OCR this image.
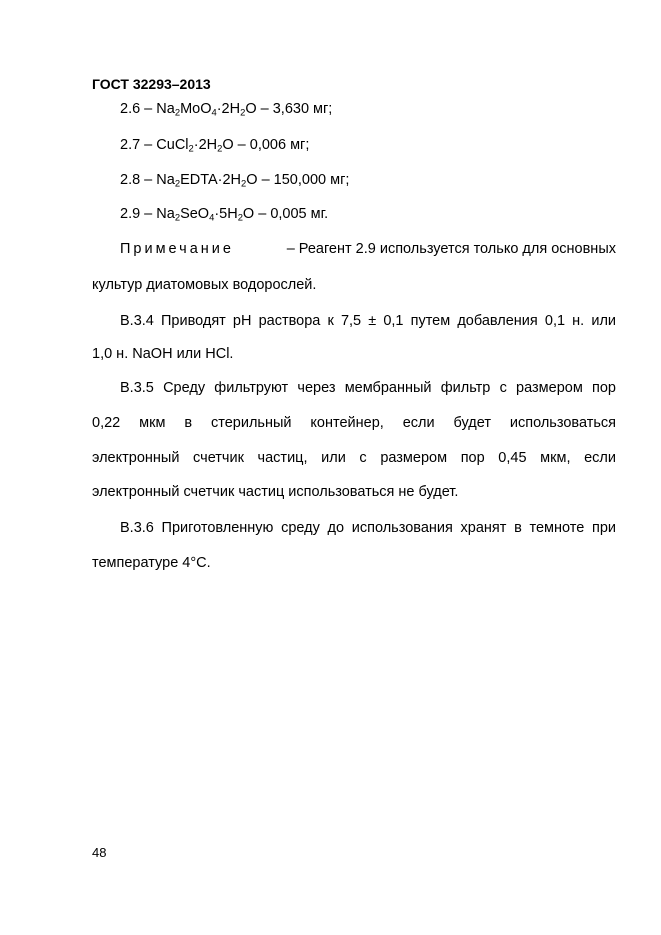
ГОСТ 32293–2013
$2.6 - Na_2MoO_4\cdot 2H_2O - 3,630$ мг;
$2.7 - CuCl_2\cdot 2H_2O - 0,006$ мг;
$2.8 - Na_2EDTA\cdot 2H_2O - 150,000$ мг;
$2.9 - Na_2SeO_4\cdot 5H_2O - 0,005$ мг.
Примечание	– Реагент 2.9 используется только для основных
культур диатомовых водорослей.
В.3.4 Приводят pH раствора к 7,5 ± 0,1 путем добавления 0,1 н. или
1,0 н. NaOH или HCl.
В.3.5 Среду фильтруют через мембранный фильтр с размером пор
0,22 мкм в стерильный контейнер, если будет использоваться
электронный счетчик частиц, или с размером пор 0,45 мкм, если
электронный счетчик частиц использоваться не будет.
В.3.6 Приготовленную среду до использования хранят в темноте при
температуре 4°С.
48
